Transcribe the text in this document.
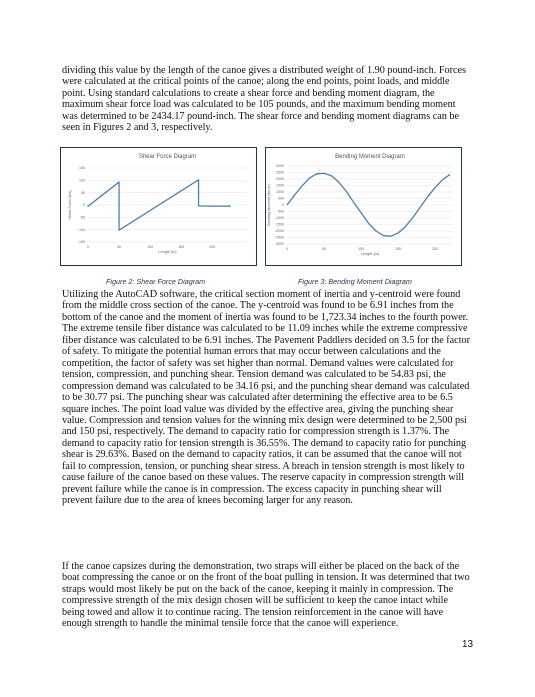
dividing this value by the length of the canoe gives a distributed weight of 1.90 pound-inch. Forces were calculated at the critical points of the canoe; along the end points, point loads, and middle point. Using standard calculations to create a shear force and bending moment diagram, the maximum shear force load was calculated to be 105 pounds, and the maximum bending moment was determined to be 2434.17 pound-inch. The shear force and bending moment diagrams can be seen in Figures 2 and 3, respectively.

Shear Force Diagram
150
100
50
0
-50
-100
-150
0	50	100	150	200
Length (in)
Shear Force (lbs)
Bending Moment Diagram
3000
2500
2000
1500
1000
500
0
-500
-1000
-1500
-2000
-2500
-3000
0	50	100	150	200
Length (in)
Bending Moment (lbs-in)
Figure 2: Shear Force Diagram	Figure 3: Bending Moment Diagram

Utilizing the AutoCAD software, the critical section moment of inertia and y-centroid were found from the middle cross section of the canoe. The y-centroid was found to be 6.91 inches from the bottom of the canoe and the moment of inertia was found to be 1,723.34 inches to the fourth power. The extreme tensile fiber distance was calculated to be 11.09 inches while the extreme compressive fiber distance was calculated to be 6.91 inches. The Pavement Paddlers decided on 3.5 for the factor of safety. To mitigate the potential human errors that may occur between calculations and the competition, the factor of safety was set higher than normal. Demand values were calculated for tension, compression, and punching shear. Tension demand was calculated to be 54.83 psi, the compression demand was calculated to be 34.16 psi, and the punching shear demand was calculated to be 30.77 psi. The punching shear was calculated after determining the effective area to be 6.5 square inches. The point load value was divided by the effective area, giving the punching shear value. Compression and tension values for the winning mix design were determined to be 2,500 psi and 150 psi, respectively. The demand to capacity ratio for compression strength is 1.37%. The demand to capacity ratio for tension strength is 36.55%. The demand to capacity ratio for punching shear is 29.63%. Based on the demand to capacity ratios, it can be assumed that the canoe will not fail to compression, tension, or punching shear stress. A breach in tension strength is most likely to cause failure of the canoe based on these values. The reserve capacity in compression strength will prevent failure while the canoe is in compression. The excess capacity in punching shear will prevent failure due to the area of knees becoming larger for any reason.

If the canoe capsizes during the demonstration, two straps will either be placed on the back of the boat compressing the canoe or on the front of the boat pulling in tension. It was determined that two straps would most likely be put on the back of the canoe, keeping it mainly in compression. The compressive strength of the mix design chosen will be sufficient to keep the canoe intact while being towed and allow it to continue racing. The tension reinforcement in the canoe will have enough strength to handle the minimal tensile force that the canoe will experience.

13
